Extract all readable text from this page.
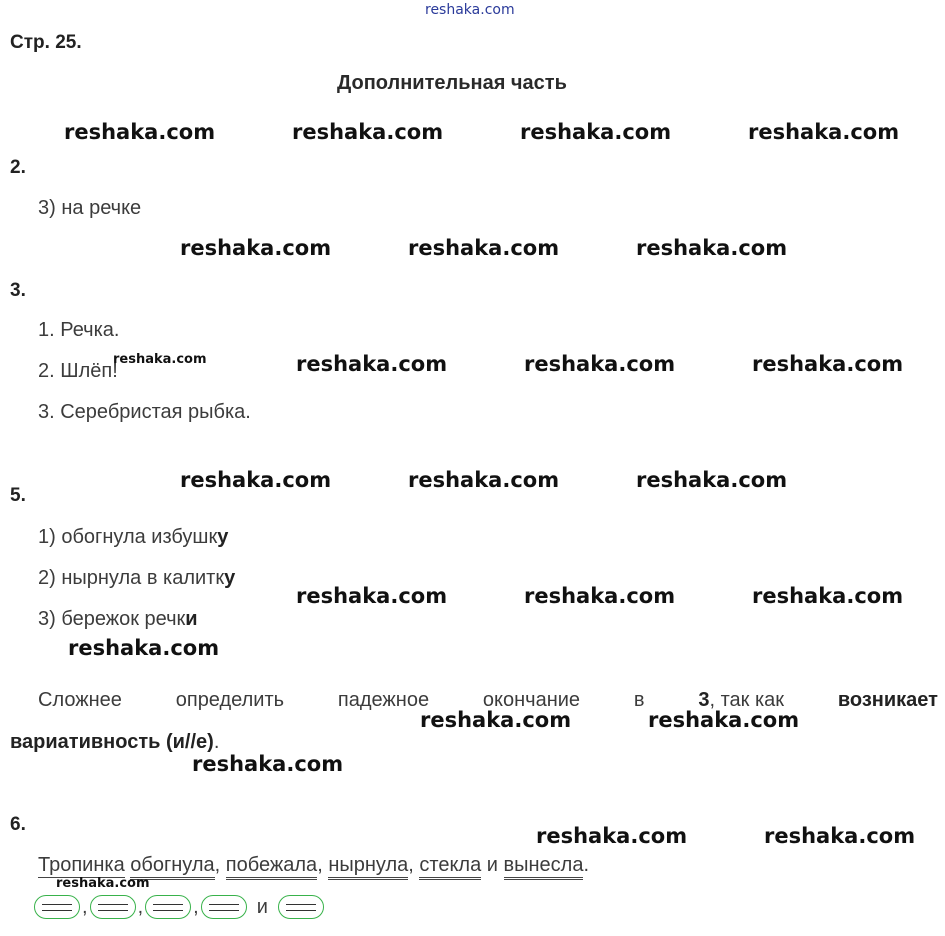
reshaka.com
Стр. 25.
Дополнительная часть
reshaka.com	reshaka.com	reshaka.com	reshaka.com
2.
3) на речке
reshaka.com	reshaka.com	reshaka.com
3.
1. Речка.
2. Шлёп!
3. Серебристая рыбка.
reshaka.com	reshaka.com	reshaka.com	reshaka.com
reshaka.com	reshaka.com	reshaka.com
5.
1) обогнула избушку
2) нырнула в калитку
3) бережок речки
reshaka.com	reshaka.com	reshaka.com
reshaka.com
Сложнее	определить	падежное	окончание	в	3, так как	возникает
вариативность (и//е).
reshaka.com	reshaka.com
reshaka.com
6.	reshaka.com	reshaka.com
Тропинка обогнула, побежала, нырнула, стекла и вынесла.
reshaka.com
,	,	,	и
